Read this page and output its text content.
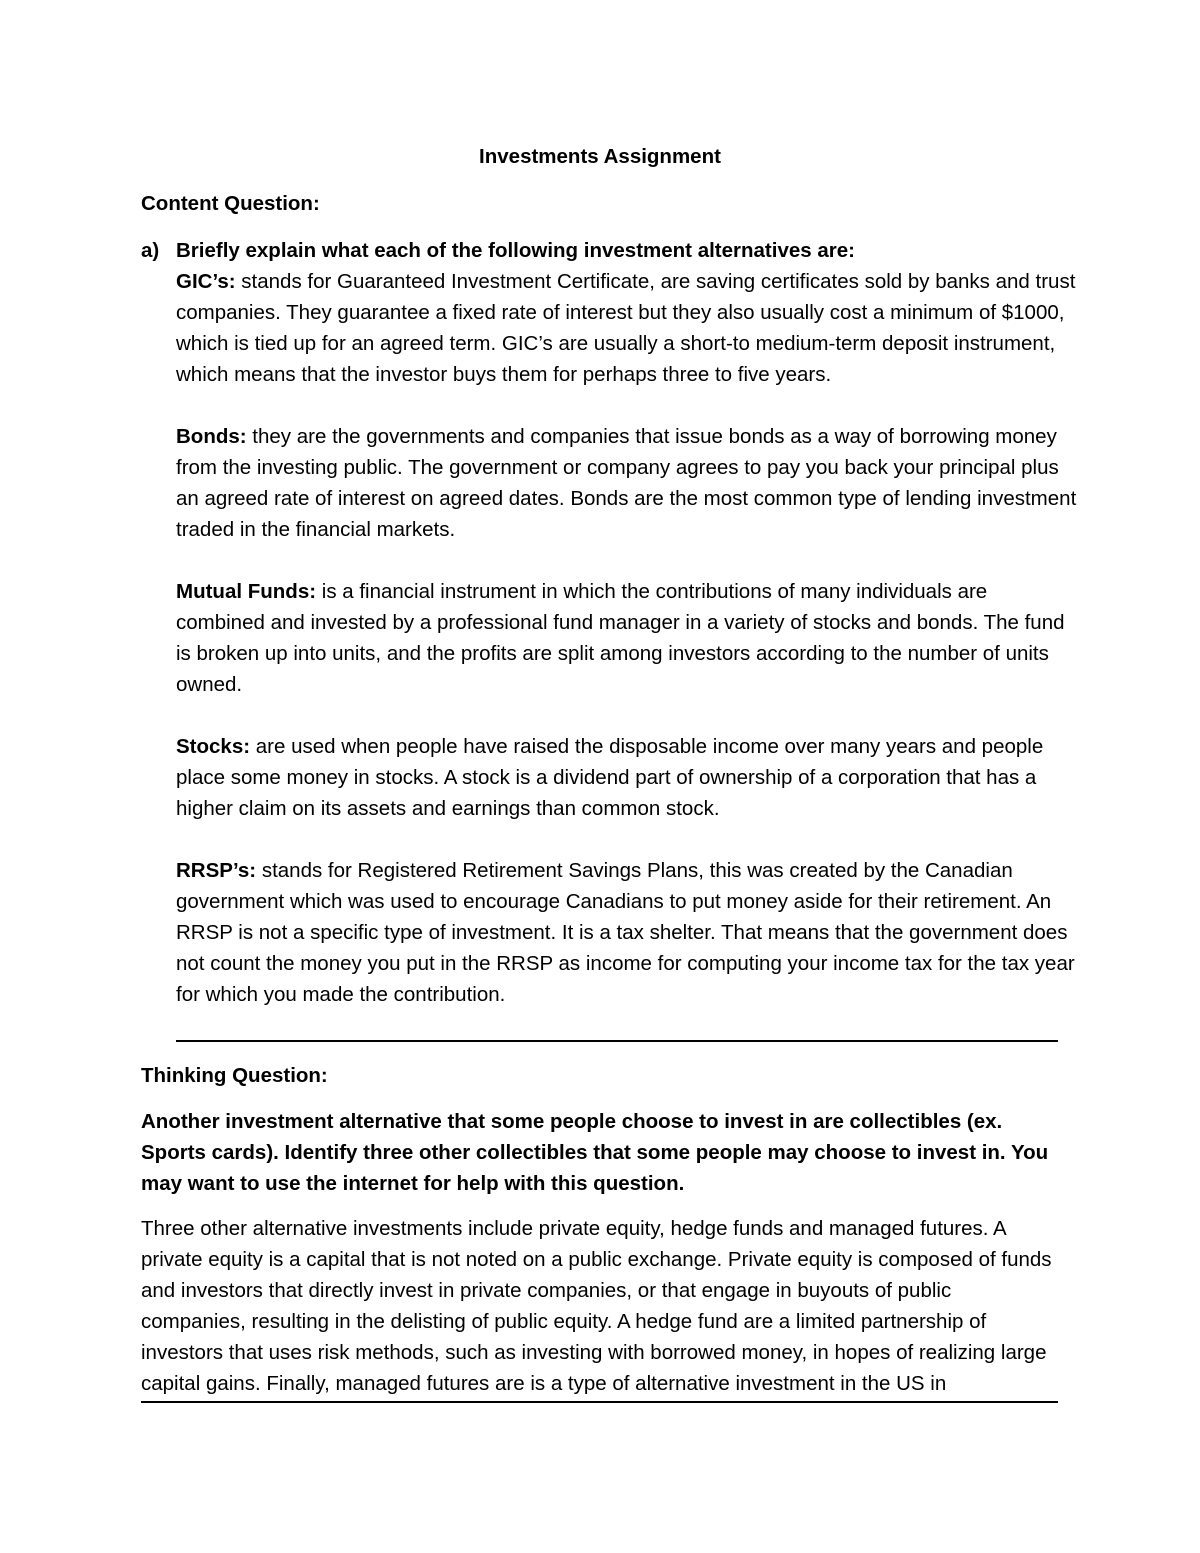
Investments Assignment

Content Question:

a) Briefly explain what each of the following investment alternatives are:

GIC’s: stands for Guaranteed Investment Certificate, are saving certificates sold by banks and trust companies. They guarantee a fixed rate of interest but they also usually cost a minimum of $1000, which is tied up for an agreed term. GIC’s are usually a short-to medium-term deposit instrument, which means that the investor buys them for perhaps three to five years.

Bonds: they are the governments and companies that issue bonds as a way of borrowing money from the investing public. The government or company agrees to pay you back your principal plus an agreed rate of interest on agreed dates. Bonds are the most common type of lending investment traded in the financial markets.

Mutual Funds: is a financial instrument in which the contributions of many individuals are combined and invested by a professional fund manager in a variety of stocks and bonds. The fund is broken up into units, and the profits are split among investors according to the number of units owned.

Stocks: are used when people have raised the disposable income over many years and people place some money in stocks. A stock is a dividend part of ownership of a corporation that has a higher claim on its assets and earnings than common stock.

RRSP’s: stands for Registered Retirement Savings Plans, this was created by the Canadian government which was used to encourage Canadians to put money aside for their retirement. An RRSP is not a specific type of investment. It is a tax shelter. That means that the government does not count the money you put in the RRSP as income for computing your income tax for the tax year for which you made the contribution.

Thinking Question:

Another investment alternative that some people choose to invest in are collectibles (ex. Sports cards). Identify three other collectibles that some people may choose to invest in. You may want to use the internet for help with this question.

Three other alternative investments include private equity, hedge funds and managed futures. A private equity is a capital that is not noted on a public exchange. Private equity is composed of funds and investors that directly invest in private companies, or that engage in buyouts of public companies, resulting in the delisting of public equity. A hedge fund are a limited partnership of investors that uses risk methods, such as investing with borrowed money, in hopes of realizing large capital gains. Finally, managed futures are is a type of alternative investment in the US in
